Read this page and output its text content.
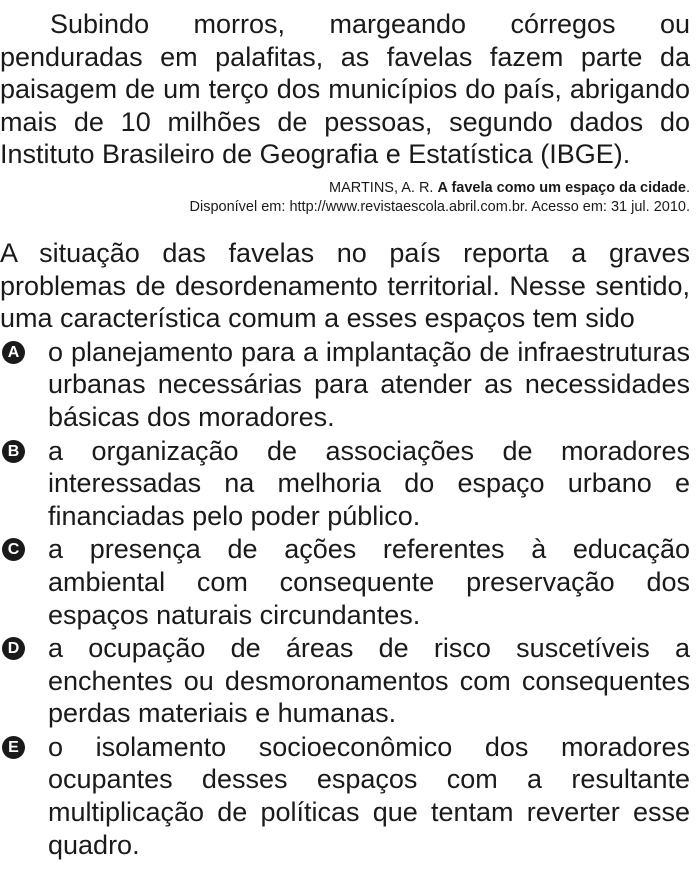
Subindo morros, margeando córregos ou penduradas em palafitas, as favelas fazem parte da paisagem de um terço dos municípios do país, abrigando mais de 10 milhões de pessoas, segundo dados do Instituto Brasileiro de Geografia e Estatística (IBGE).

MARTINS, A. R. A favela como um espaço da cidade.
Disponível em: http://www.revistaescola.abril.com.br. Acesso em: 31 jul. 2010.

A situação das favelas no país reporta a graves problemas de desordenamento territorial. Nesse sentido, uma característica comum a esses espaços tem sido

A o planejamento para a implantação de infraestruturas urbanas necessárias para atender as necessidades básicas dos moradores.
B a organização de associações de moradores interessadas na melhoria do espaço urbano e financiadas pelo poder público.
C a presença de ações referentes à educação ambiental com consequente preservação dos espaços naturais circundantes.
D a ocupação de áreas de risco suscetíveis a enchentes ou desmoronamentos com consequentes perdas materiais e humanas.
E o isolamento socioeconômico dos moradores ocupantes desses espaços com a resultante multiplicação de políticas que tentam reverter esse quadro.
